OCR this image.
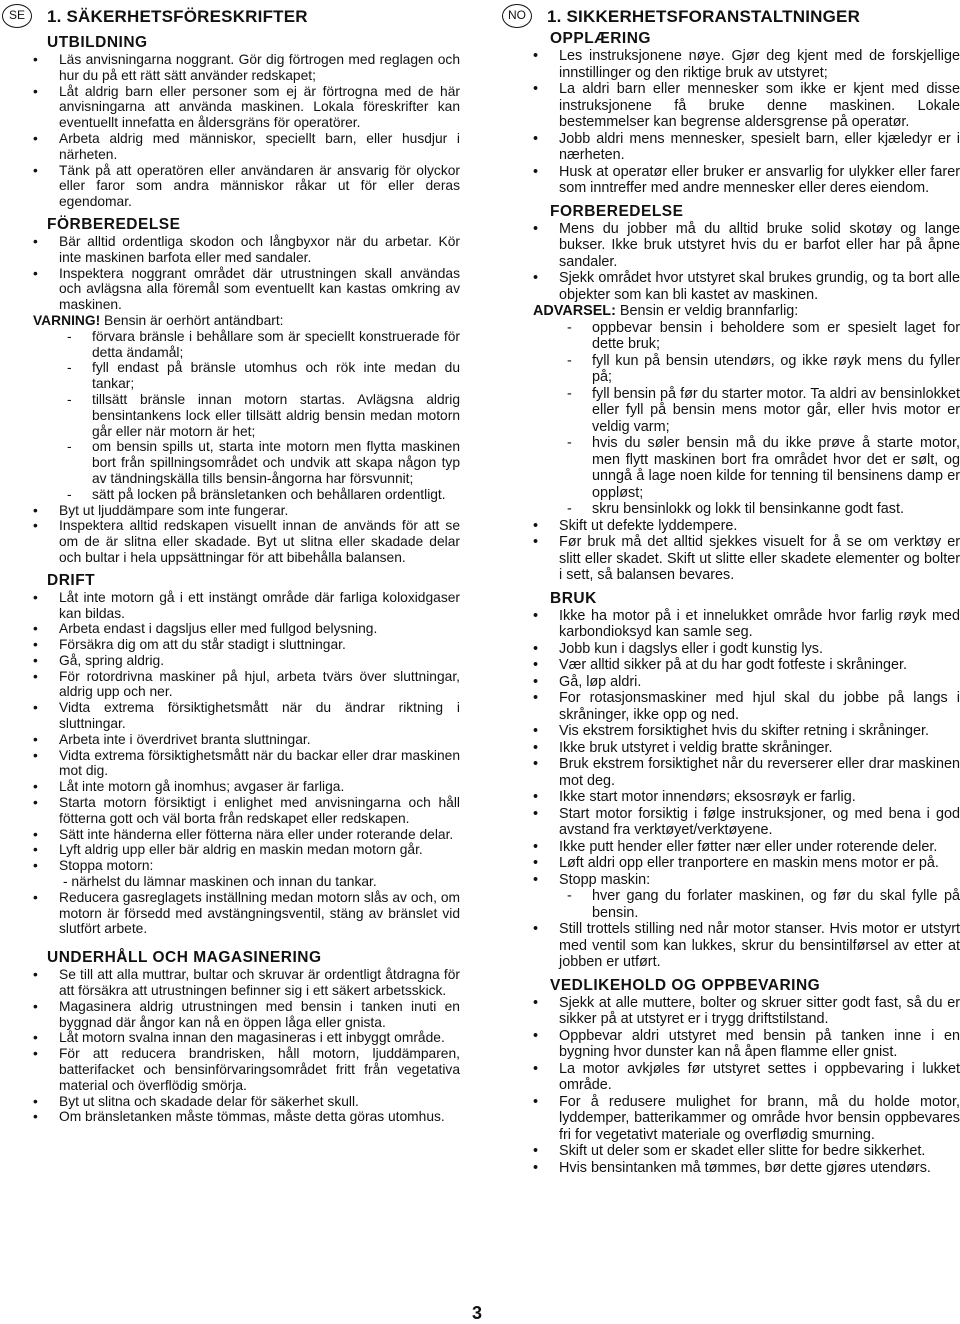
SE	1. SÄKERHETSFÖRESKRIFTER
UTBILDNING
• Läs anvisningarna noggrant. Gör dig förtrogen med reglagen och hur du på ett rätt sätt använder redskapet;
• Låt aldrig barn eller personer som ej är förtrogna med de här anvisningarna att använda maskinen. Lokala föreskrifter kan eventuellt innefatta en åldersgräns för operatörer.
• Arbeta aldrig med människor, speciellt barn, eller husdjur i närheten.
• Tänk på att operatören eller användaren är ansvarig för olyckor eller faror som andra människor råkar ut för eller deras egendomar.
FÖRBEREDELSE
• Bär alltid ordentliga skodon och långbyxor när du arbetar. Kör inte maskinen barfota eller med sandaler.
• Inspektera noggrant området där utrustningen skall användas och avlägsna alla föremål som eventuellt kan kastas omkring av maskinen.

VARNING! Bensin är oerhört antändbart:

- förvara bränsle i behållare som är speciellt konstruerade för detta ändamål;
- fyll endast på bränsle utomhus och rök inte medan du tankar;
- tillsätt bränsle innan motorn startas. Avlägsna aldrig bensintankens lock eller tillsätt aldrig bensin medan motorn går eller när motorn är het;
- om bensin spills ut, starta inte motorn men flytta maskinen bort från spillningsområdet och undvik att skapa någon typ av tändningskälla tills bensin-ångorna har försvunnit;
- sätt på locken på bränsletanken och behållaren ordentligt.
• Byt ut ljuddämpare som inte fungerar.
• Inspektera alltid redskapen visuellt innan de används för att se om de är slitna eller skadade. Byt ut slitna eller skadade delar och bultar i hela uppsättningar för att bibehålla balansen.
DRIFT
• Låt inte motorn gå i ett instängt område där farliga koloxidgaser kan bildas.
• Arbeta endast i dagsljus eller med fullgod belysning.
• Försäkra dig om att du står stadigt i sluttningar.
• Gå, spring aldrig.
• För rotordrivna maskiner på hjul, arbeta tvärs över sluttningar, aldrig upp och ner.
• Vidta extrema försiktighetsmått när du ändrar riktning i sluttningar.
• Arbeta inte i överdrivet branta sluttningar.
• Vidta extrema försiktighetsmått när du backar eller drar maskinen mot dig.
• Låt inte motorn gå inomhus; avgaser är farliga.
• Starta motorn försiktigt i enlighet med anvisningarna och håll fötterna gott och väl borta från redskapet eller redskapen.
• Sätt inte händerna eller fötterna nära eller under roterande delar.
• Lyft aldrig upp eller bär aldrig en maskin medan motorn går.
• Stoppa motorn:

- närhelst du lämnar maskinen och innan du tankar.

• Reducera gasreglagets inställning medan motorn slås av och, om motorn är försedd med avstängningsventil, stäng av bränslet vid slutfört arbete.
UNDERHÅLL OCH MAGASINERING
• Se till att alla muttrar, bultar och skruvar är ordentligt åtdragna för att försäkra att utrustningen befinner sig i ett säkert arbetsskick.
• Magasinera aldrig utrustningen med bensin i tanken inuti en byggnad där ångor kan nå en öppen låga eller gnista.
• Låt motorn svalna innan den magasineras i ett inbyggt område.
• För att reducera brandrisken, håll motorn, ljuddämparen, batterifacket och bensinförvaringsområdet fritt från vegetativa material och överflödig smörja.
• Byt ut slitna och skadade delar för säkerhet skull.
• Om bränsletanken måste tömmas, måste detta göras utomhus.
NO	1. SIKKERHETSFORANSTALTNINGER
OPPLÆRING
• Les instruksjonene nøye. Gjør deg kjent med de forskjellige innstillinger og den riktige bruk av utstyret;
• La aldri barn eller mennesker som ikke er kjent med disse instruksjonene få bruke denne maskinen. Lokale bestemmelser kan begrense aldersgrense på operatør.
• Jobb aldri mens mennesker, spesielt barn, eller kjæledyr er i nærheten.
• Husk at operatør eller bruker er ansvarlig for ulykker eller farer som inntreffer med andre mennesker eller deres eiendom.
FORBEREDELSE
• Mens du jobber må du alltid bruke solid skotøy og lange bukser. Ikke bruk utstyret hvis du er barfot eller har på åpne sandaler.
• Sjekk området hvor utstyret skal brukes grundig, og ta bort alle objekter som kan bli kastet av maskinen.

ADVARSEL: Bensin er veldig brannfarlig:

- oppbevar bensin i beholdere som er spesielt laget for dette bruk;
- fyll kun på bensin utendørs, og ikke røyk mens du fyller på;
- fyll bensin på før du starter motor. Ta aldri av bensinlokket eller fyll på bensin mens motor går, eller hvis motor er veldig varm;
- hvis du søler bensin må du ikke prøve å starte motor, men flytt maskinen bort fra området hvor det er sølt, og unngå å lage noen kilde for tenning til bensinens damp er oppløst;
- skru bensinlokk og lokk til bensinkanne godt fast.
• Skift ut defekte lyddempere.
• Før bruk må det alltid sjekkes visuelt for å se om verktøy er slitt eller skadet. Skift ut slitte eller skadete elementer og bolter i sett, så balansen bevares.
BRUK
• Ikke ha motor på i et innelukket område hvor farlig røyk med karbondioksyd kan samle seg.
• Jobb kun i dagslys eller i godt kunstig lys.
• Vær alltid sikker på at du har godt fotfeste i skråninger.
• Gå, løp aldri.
• For rotasjonsmaskiner med hjul skal du jobbe på langs i skråninger, ikke opp og ned.
• Vis ekstrem forsiktighet hvis du skifter retning i skråninger.
• Ikke bruk utstyret i veldig bratte skråninger.
• Bruk ekstrem forsiktighet når du reverserer eller drar maskinen mot deg.
• Ikke start motor innendørs; eksosrøyk er farlig.
• Start motor forsiktig i følge instruksjoner, og med bena i god avstand fra verktøyet/verktøyene.
• Ikke putt hender eller føtter nær eller under roterende deler.
• Løft aldri opp eller tranportere en maskin mens motor er på.
• Stopp maskin:
- hver gang du forlater maskinen, og før du skal fylle på bensin.
• Still trottels stilling ned når motor stanser. Hvis motor er utstyrt med ventil som kan lukkes, skrur du bensintilførsel av etter at jobben er utført.
VEDLIKEHOLD OG OPPBEVARING
• Sjekk at alle muttere, bolter og skruer sitter godt fast, så du er sikker på at utstyret er i trygg driftstilstand.
• Oppbevar aldri utstyret med bensin på tanken inne i en bygning hvor dunster kan nå åpen flamme eller gnist.
• La motor avkjøles før utstyret settes i oppbevaring i lukket område.
• For å redusere mulighet for brann, må du holde motor, lyddemper, batterikammer og område hvor bensin oppbevares fri for vegetativt materiale og overflødig smurning.
• Skift ut deler som er skadet eller slitte for bedre sikkerhet.
• Hvis bensintanken må tømmes, bør dette gjøres utendørs.
3
